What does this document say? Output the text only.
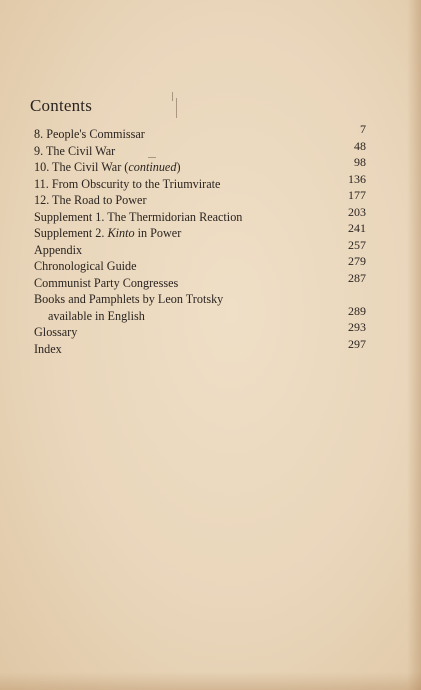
Contents
8. People's Commissar	7
9. The Civil War	48
10. The Civil War (continued)	98
11. From Obscurity to the Triumvirate	136
12. The Road to Power	177
Supplement 1. The Thermidorian Reaction	203
Supplement 2. Kinto in Power	241
Appendix	257
Chronological Guide	279
Communist Party Congresses	287
Books and Pamphlets by Leon Trotsky
available in English	289
Glossary	293
Index	297
